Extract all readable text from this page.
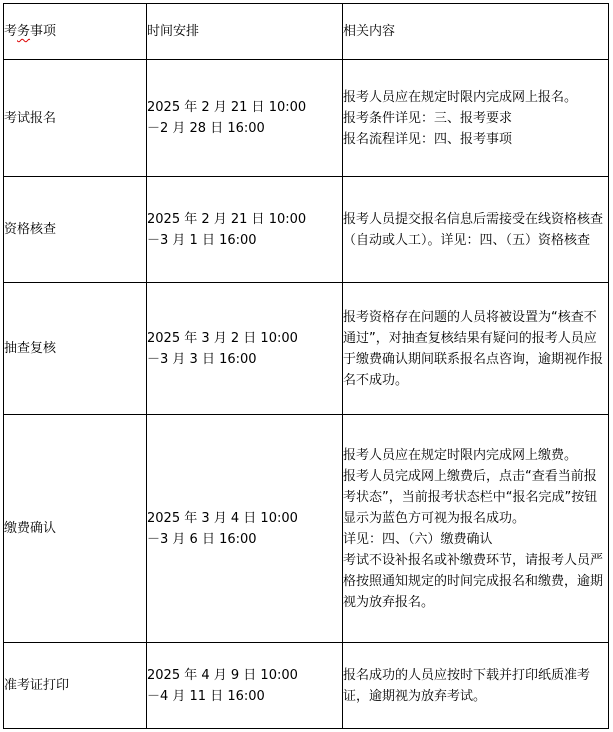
考务事项	时间安排	相关内容
考试报名	2025 年 2 月 21 日 10:00
－2 月 28 日 16:00	报考人员应在规定时限内完成网上报名。
报考条件详见：三、报考要求
报名流程详见：四、报考事项

资格核查	2025 年 2 月 21 日 10:00
－3 月 1 日 16:00	报考人员提交报名信息后需接受在线资格核查（自动或人工）。详见：四、（五）资格核查

抽查复核	2025 年 3 月 2 日 10:00
－3 月 3 日 16:00	报考资格存在问题的人员将被设置为“核查不通过”，对抽查复核结果有疑问的报考人员应于缴费确认期间联系报名点咨询，逾期视作报名不成功。

缴费确认	2025 年 3 月 4 日 10:00
－3 月 6 日 16:00	报考人员应在规定时限内完成网上缴费。
报考人员完成网上缴费后，点击“查看当前报考状态”，当前报考状态栏中“报名完成”按钮显示为蓝色方可视为报名成功。
详见：四、（六）缴费确认
考试不设补报名或补缴费环节，请报考人员严格按照通知规定的时间完成报名和缴费，逾期视为放弃报名。

准考证打印	2025 年 4 月 9 日 10:00
－4 月 11 日 16:00	报名成功的人员应按时下载并打印纸质准考证，逾期视为放弃考试。
